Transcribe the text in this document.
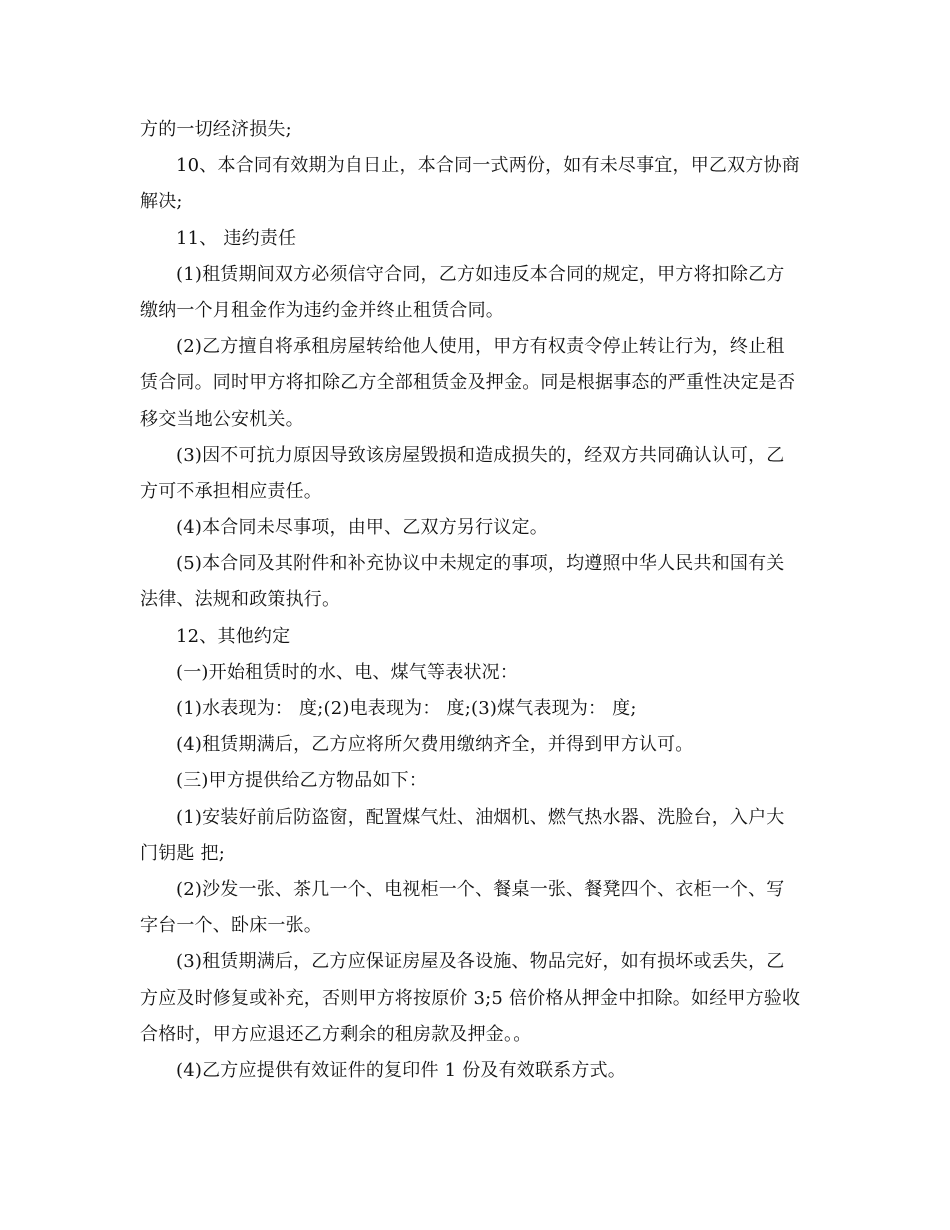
方的一切经济损失;
10、本合同有效期为自日止，本合同一式两份，如有未尽事宜，甲乙双方协商
解决;
11、 违约责任
(1)租赁期间双方必须信守合同，乙方如违反本合同的规定，甲方将扣除乙方
缴纳一个月租金作为违约金并终止租赁合同。
(2)乙方擅自将承租房屋转给他人使用，甲方有权责令停止转让行为，终止租
赁合同。同时甲方将扣除乙方全部租赁金及押金。同是根据事态的严重性决定是否
移交当地公安机关。
(3)因不可抗力原因导致该房屋毁损和造成损失的，经双方共同确认认可，乙
方可不承担相应责任。
(4)本合同未尽事项，由甲、乙双方另行议定。
(5)本合同及其附件和补充协议中未规定的事项，均遵照中华人民共和国有关
法律、法规和政策执行。
12、其他约定
(一)开始租赁时的水、电、煤气等表状况：
(1)水表现为： 度;(2)电表现为： 度;(3)煤气表现为： 度;
(4)租赁期满后，乙方应将所欠费用缴纳齐全，并得到甲方认可。
(三)甲方提供给乙方物品如下：
(1)安装好前后防盗窗，配置煤气灶、油烟机、燃气热水器、洗脸台，入户大
门钥匙 把;
(2)沙发一张、茶几一个、电视柜一个、餐桌一张、餐凳四个、衣柜一个、写
字台一个、卧床一张。
(3)租赁期满后，乙方应保证房屋及各设施、物品完好，如有损坏或丢失，乙
方应及时修复或补充，否则甲方将按原价 3;5 倍价格从押金中扣除。如经甲方验收
合格时，甲方应退还乙方剩余的租房款及押金。。
(4)乙方应提供有效证件的复印件 1 份及有效联系方式。
